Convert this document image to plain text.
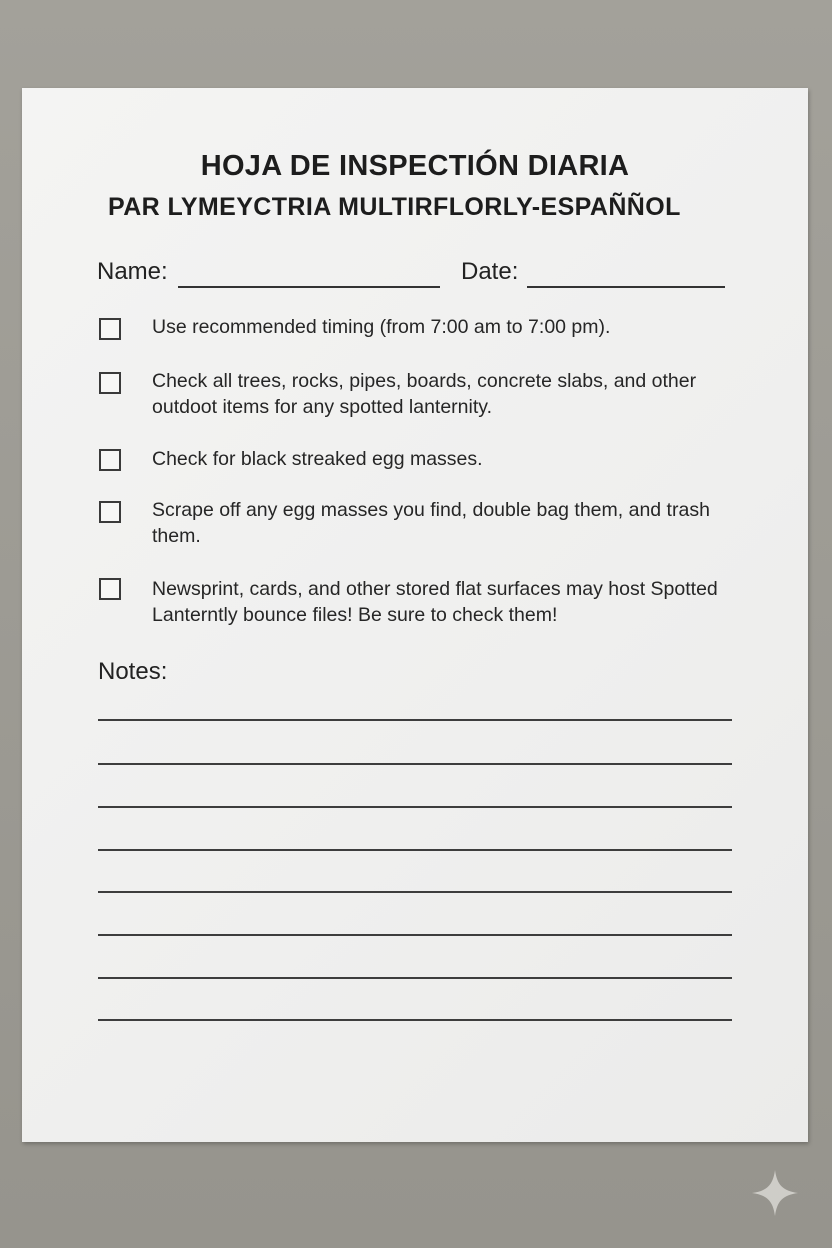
HOJA DE INSPECTIÓN DIARIA
PAR LYMEYCTRIA MULTIRFLORLY-ESPAÑÑOL
Name:	Date:
Use recommended timing (from 7:00 am to 7:00 pm).
Check all trees, rocks, pipes, boards, concrete slabs, and other outdoot items for any spotted lanternity.
Check for black streaked egg masses.
Scrape off any egg masses you find, double bag them, and trash them.
Newsprint, cards, and other stored flat surfaces may host Spotted Lanterntly bounce files! Be sure to check them!
Notes:
